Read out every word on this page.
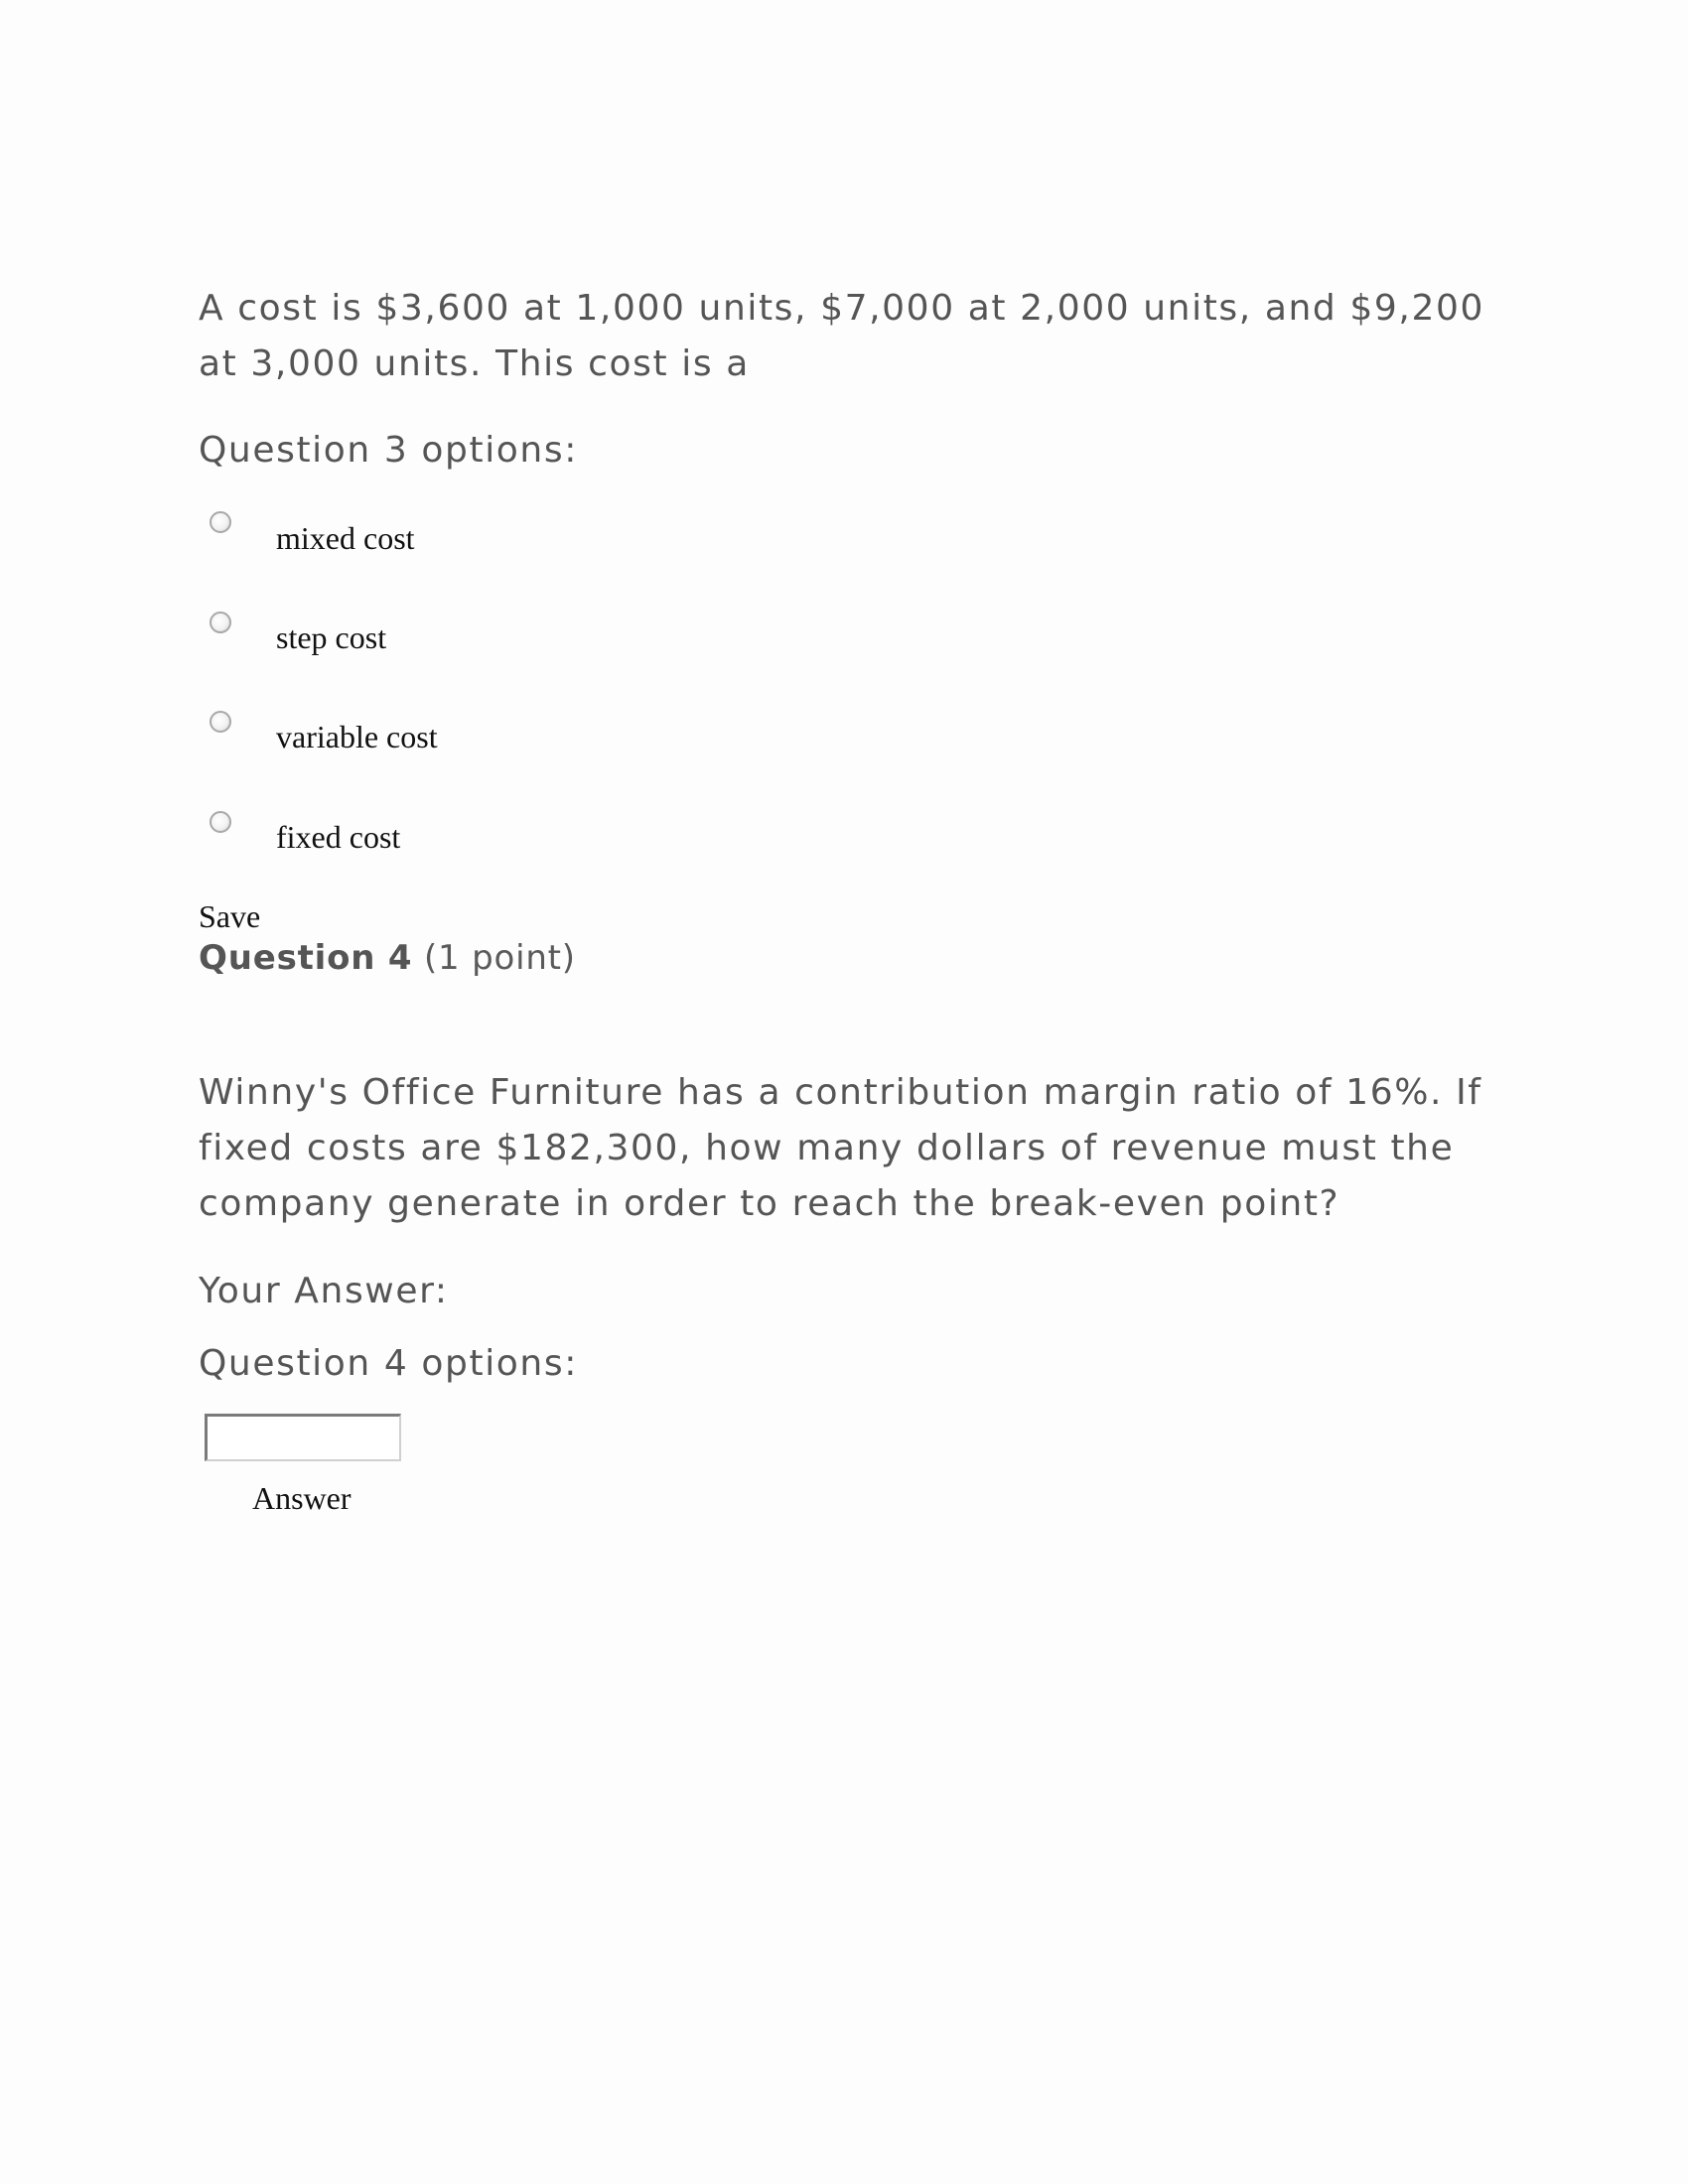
A cost is $3,600 at 1,000 units, $7,000 at 2,000 units, and $9,200 at 3,000 units. This cost is a
Question 3 options:
mixed cost
step cost
variable cost
fixed cost
Save
Question 4 (1 point)
Winny's Office Furniture has a contribution margin ratio of 16%. If fixed costs are $182,300, how many dollars of revenue must the company generate in order to reach the break-even point?
Your Answer:
Question 4 options:
Answer
